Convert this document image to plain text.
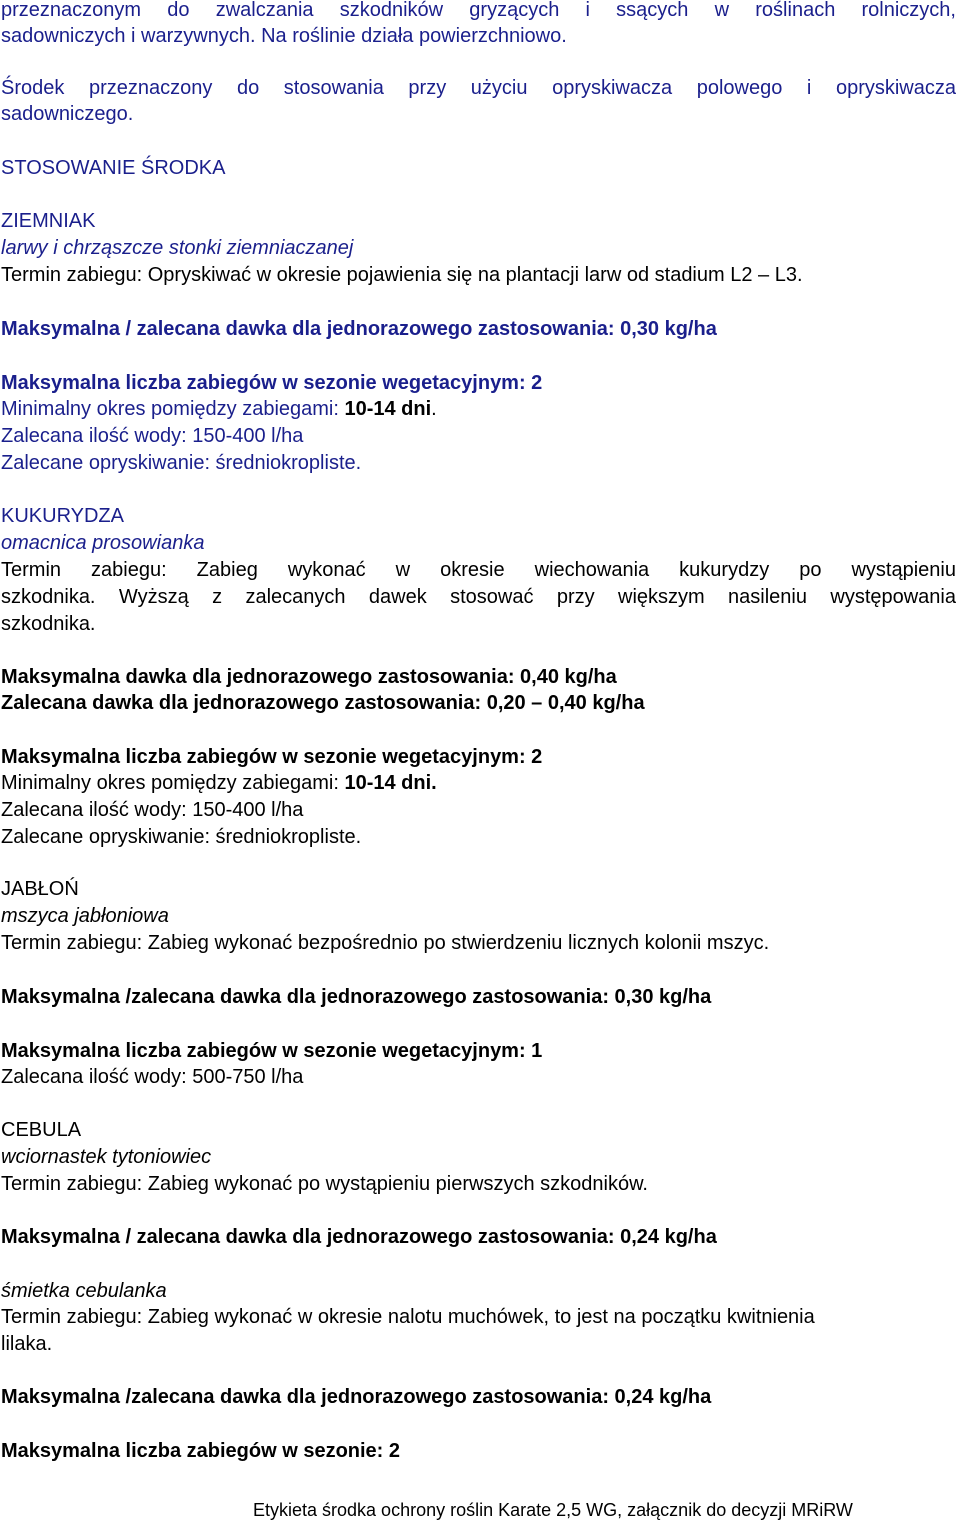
przeznaczonym do zwalczania szkodników gryzących i ssących w roślinach rolniczych,
sadowniczych i warzywnych. Na roślinie działa powierzchniowo.
Środek przeznaczony do stosowania przy użyciu opryskiwacza polowego i opryskiwacza
sadowniczego.
STOSOWANIE ŚRODKA
ZIEMNIAK
larwy i chrząszcze stonki ziemniaczanej
Termin zabiegu: Opryskiwać w okresie pojawienia się na plantacji larw od stadium L2 – L3.
Maksymalna / zalecana dawka dla jednorazowego zastosowania: 0,30 kg/ha
Maksymalna liczba zabiegów w sezonie wegetacyjnym: 2
Minimalny okres pomiędzy zabiegami: 10-14 dni.
Zalecana ilość wody: 150-400 l/ha
Zalecane opryskiwanie: średniokropliste.
KUKURYDZA
omacnica prosowianka
Termin zabiegu: Zabieg wykonać w okresie wiechowania kukurydzy po wystąpieniu
szkodnika. Wyższą z zalecanych dawek stosować przy większym nasileniu występowania
szkodnika.
Maksymalna dawka dla jednorazowego zastosowania: 0,40 kg/ha
Zalecana dawka dla jednorazowego zastosowania: 0,20 – 0,40 kg/ha
Maksymalna liczba zabiegów w sezonie wegetacyjnym: 2
Minimalny okres pomiędzy zabiegami: 10-14 dni.
Zalecana ilość wody: 150-400 l/ha
Zalecane opryskiwanie: średniokropliste.
JABŁOŃ
mszyca jabłoniowa
Termin zabiegu: Zabieg wykonać bezpośrednio po stwierdzeniu licznych kolonii mszyc.
Maksymalna /zalecana dawka dla jednorazowego zastosowania: 0,30 kg/ha
Maksymalna liczba zabiegów w sezonie wegetacyjnym: 1
Zalecana ilość wody: 500-750 l/ha
CEBULA
wciornastek tytoniowiec
Termin zabiegu: Zabieg wykonać po wystąpieniu pierwszych szkodników.
Maksymalna / zalecana dawka dla jednorazowego zastosowania: 0,24 kg/ha
śmietka cebulanka
Termin zabiegu: Zabieg wykonać w okresie nalotu muchówek, to jest na początku kwitnienia
lilaka.
Maksymalna /zalecana dawka dla jednorazowego zastosowania: 0,24 kg/ha
Maksymalna liczba zabiegów w sezonie: 2
Etykieta środka ochrony roślin Karate 2,5 WG, załącznik do decyzji MRiRW
